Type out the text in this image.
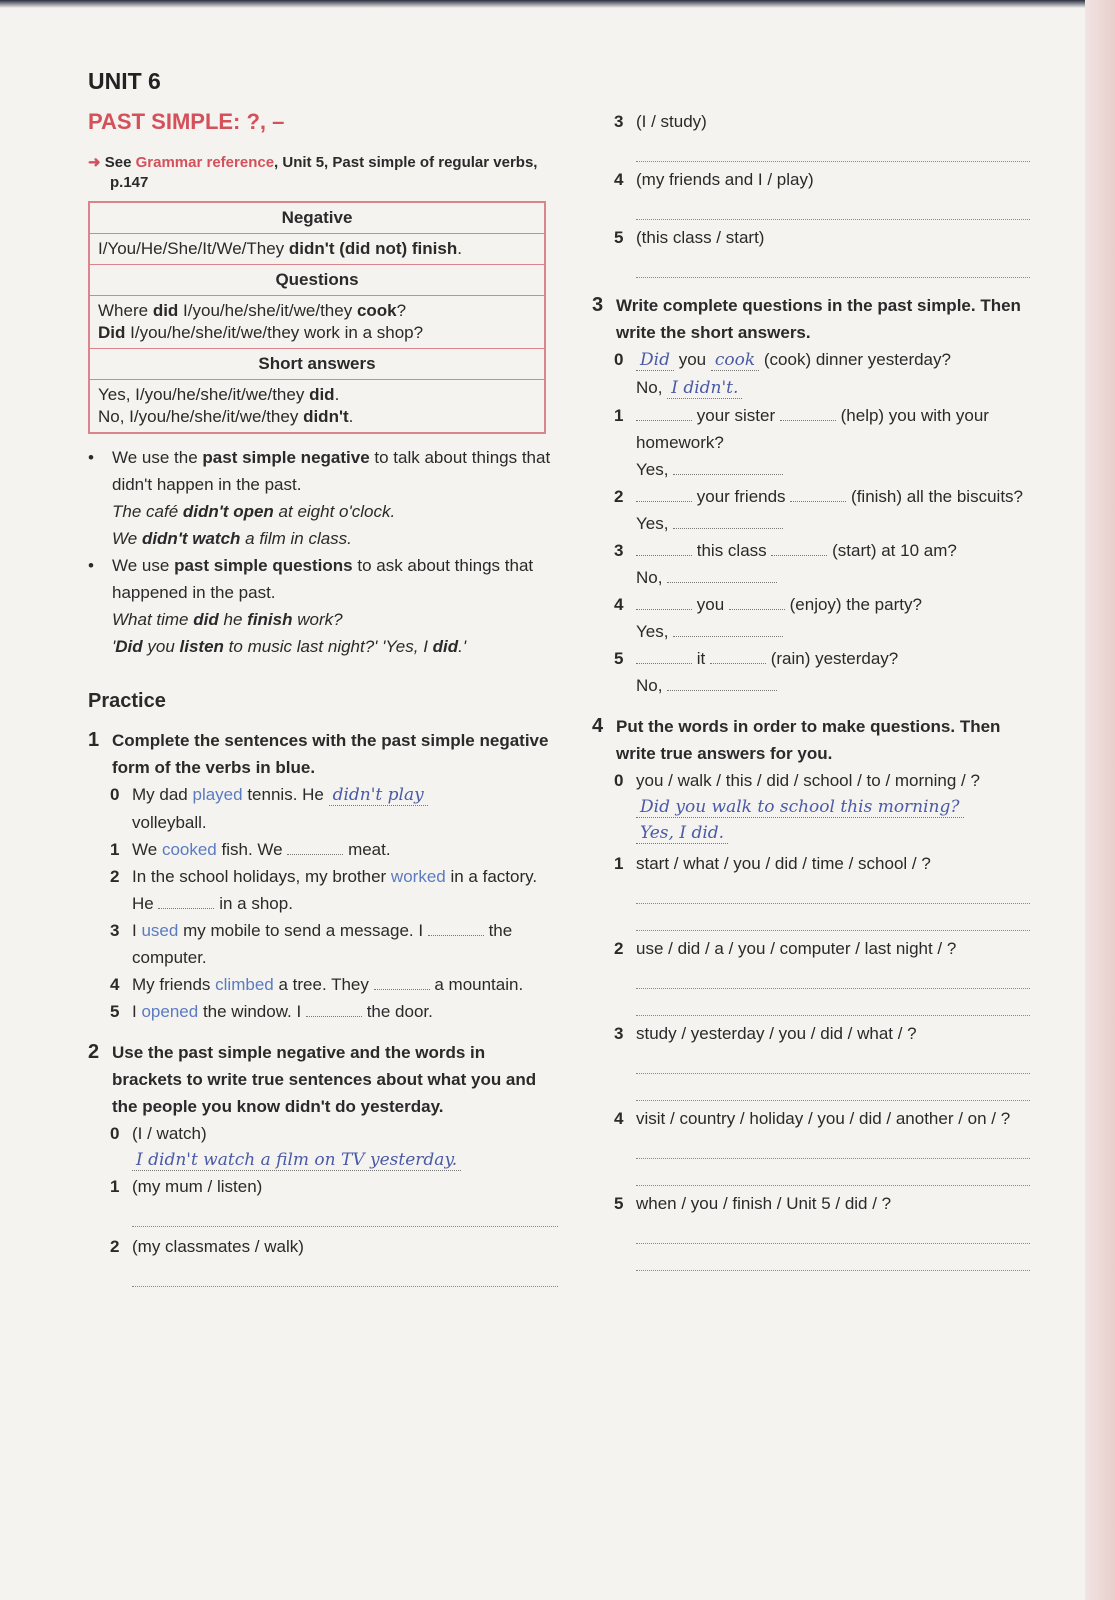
UNIT 6
PAST SIMPLE: ?, –
➜ See Grammar reference, Unit 5, Past simple of regular verbs, p.147
Negative
I/You/He/She/It/We/They didn't (did not) finish.
Questions
Where did I/you/he/she/it/we/they cook?
Did I/you/he/she/it/we/they work in a shop?
Short answers
Yes, I/you/he/she/it/we/they did.
No, I/you/he/she/it/we/they didn't.
• We use the past simple negative to talk about things that didn't happen in the past.
The café didn't open at eight o'clock.
We didn't watch a film in class.
• We use past simple questions to ask about things that happened in the past.
What time did he finish work?
'Did you listen to music last night?' 'Yes, I did.'
Practice
1 Complete the sentences with the past simple negative form of the verbs in blue.
0 My dad played tennis. He didn't play
volleyball.
1 We cooked fish. We	meat.
2 In the school holidays, my brother worked in a factory. He	in a shop.
3 I used my mobile to send a message. I	the computer.
4 My friends climbed a tree. They	a mountain.
5 I opened the window. I	the door.
2 Use the past simple negative and the words in brackets to write true sentences about what you and the people you know didn't do yesterday.
0 (I / watch)
I didn't watch a film on TV yesterday.
1 (my mum / listen)
2 (my classmates / walk)
3 (I / study)
4 (my friends and I / play)
5 (this class / start)
3 Write complete questions in the past simple. Then write the short answers.
0 Did you cook (cook) dinner yesterday?
No, I didn't.
1	your sister	(help) you with your homework?
Yes,
2	your friends	(finish) all the biscuits?
Yes,
3	this class	(start) at 10 am?
No,
4	you	(enjoy) the party?
Yes,
5	it	(rain) yesterday?
No,
4 Put the words in order to make questions. Then write true answers for you.
0 you / walk / this / did / school / to / morning / ?
Did you walk to school this morning?
Yes, I did.
1 start / what / you / did / time / school / ?
2 use / did / a / you / computer / last night / ?
3 study / yesterday / you / did / what / ?
4 visit / country / holiday / you / did / another / on / ?
5 when / you / finish / Unit 5 / did / ?
